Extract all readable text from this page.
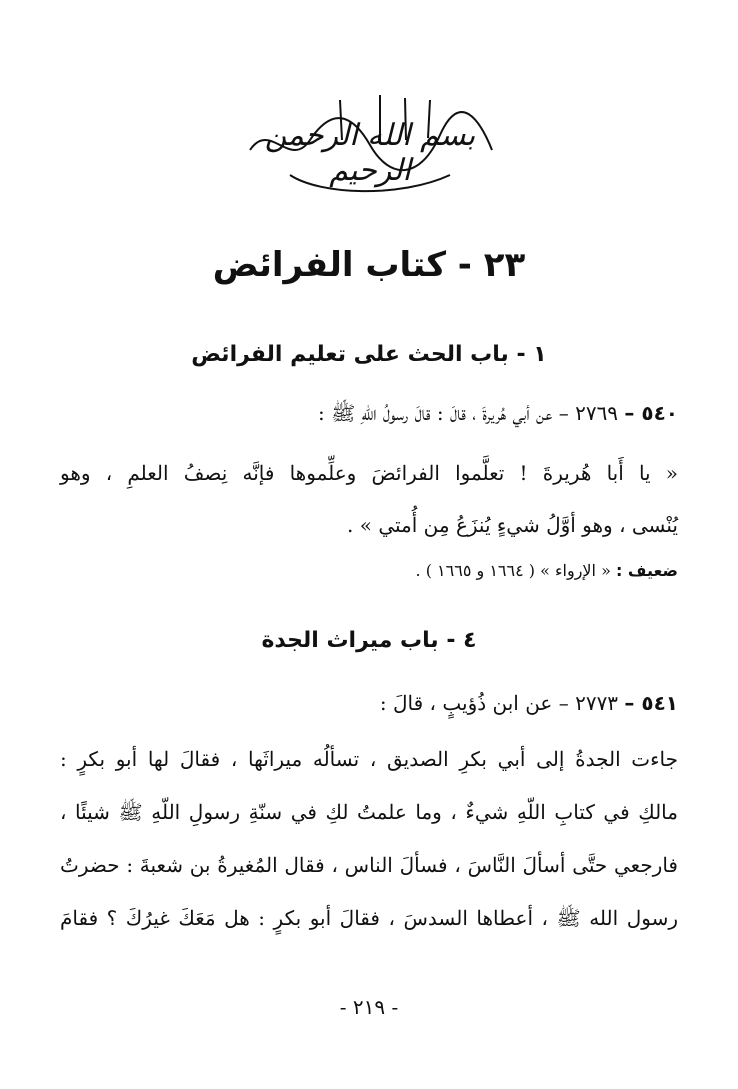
بسم الله الرحمن الرحيم
٢٣ - كتاب الفرائض
١ - باب الحث على تعليم الفرائض
٥٤٠ – ٢٧٦٩ – عن أبي هُريرةَ ، قالَ : قالَ رسولُ اللّهِ ﷺ :
« يا أَبا هُريرةَ ! تعلَّموا الفرائضَ وعلِّموها فإنَّه نِصفُ العلمِ ، وهو
يُنْسى ، وهو أوَّلُ شيءٍ يُنزَعُ مِن أُمتي » .
ضعيف : « الإرواء » ( ١٦٦٤ و ١٦٦٥ ) .
٤ - باب ميراث الجدة
٥٤١ – ٢٧٧٣ – عن ابن ذُؤيبٍ ، قالَ :
جاءت الجدةُ إلى أبي بكرِ الصديق ، تسألُه ميراثَها ، فقالَ لها أبو بكرٍ :
مالكِ في كتابِ اللّهِ شيءٌ ، وما علمتُ لكِ في سنّةِ رسولِ اللّهِ ﷺ شيئًا ،
فارجعي حتَّى أسألَ النَّاسَ ، فسألَ الناس ، فقال المُغيرةُ بن شعبةَ : حضرتُ
رسول الله ﷺ ، أعطاها السدسَ ، فقالَ أبو بكرٍ : هل مَعَكَ غيرُكَ ؟ فقامَ
- ٢١٩ -
